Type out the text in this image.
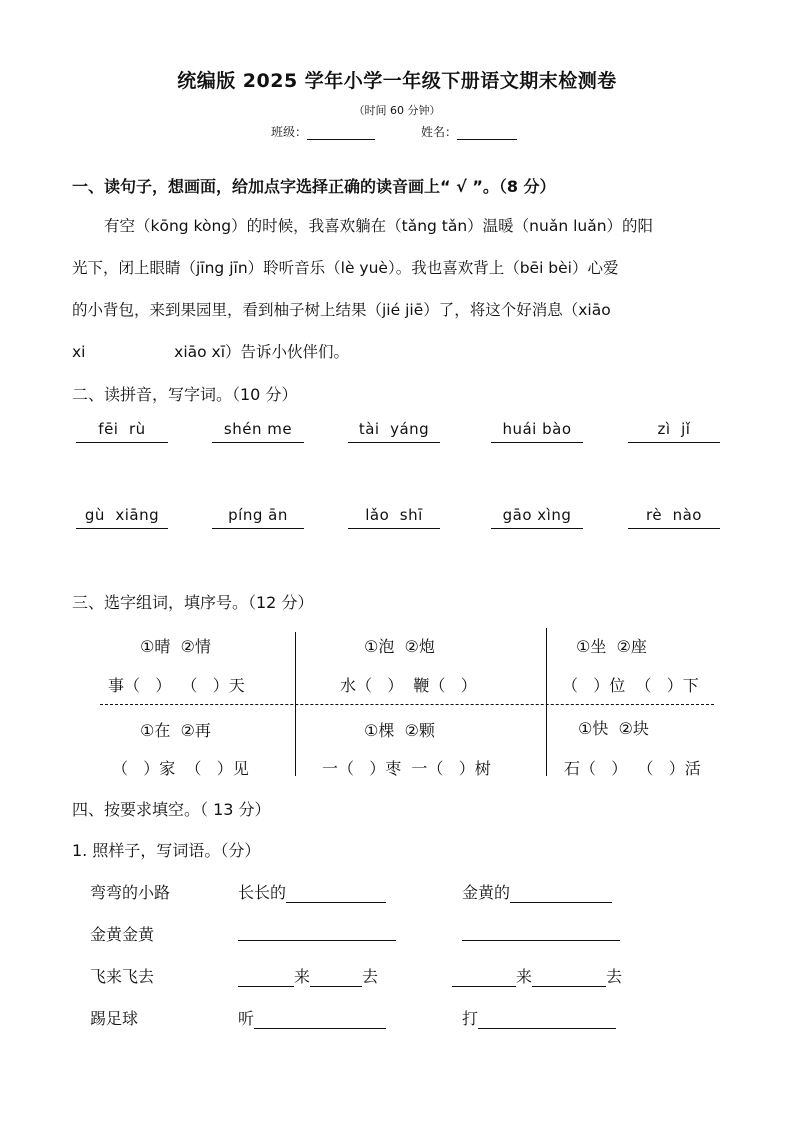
统编版 2025 学年小学一年级下册语文期末检测卷
（时间 60 分钟）
班级：	姓名：
一、读句子，想画面，给加点字选择正确的读音画上“ √ ”。（8 分）
有空（kōng kòng）的时候，我喜欢躺在（tǎng tǎn）温暖（nuǎn luǎn）的阳
光下，闭上眼睛（jīng jīn）聆听音乐（lè yuè）。我也喜欢背上（bēi bèi）心爱
的小背包，来到果园里，看到柚子树上结果（jié jiē）了，将这个好消息（xiāo
xi                  xiāo xī）告诉小伙伴们。
二、读拼音，写字词。（10 分）
fēi  rù	shén me	tài  yáng	huái bào	zì  jǐ
gù  xiāng	píng ān	lǎo  shī	gāo xìng	rè  nào
三、选字组词，填序号。（12 分）
①晴  ②情
事（   ）  （   ）天
①泡  ②炮
水（   ）  鞭（   ）
①坐  ②座
（   ）位  （   ）下
①在  ②再
（   ）家  （   ）见
①棵  ②颗
一（   ）枣  一（   ）树
①快  ②块
石（   ）  （   ）活
四、按要求填空。（ 13 分）
1. 照样子，写词语。（分）
弯弯的小路	长长的	金黄的
金黄金黄
飞来飞去	来	去	来	去
踢足球	听	打
